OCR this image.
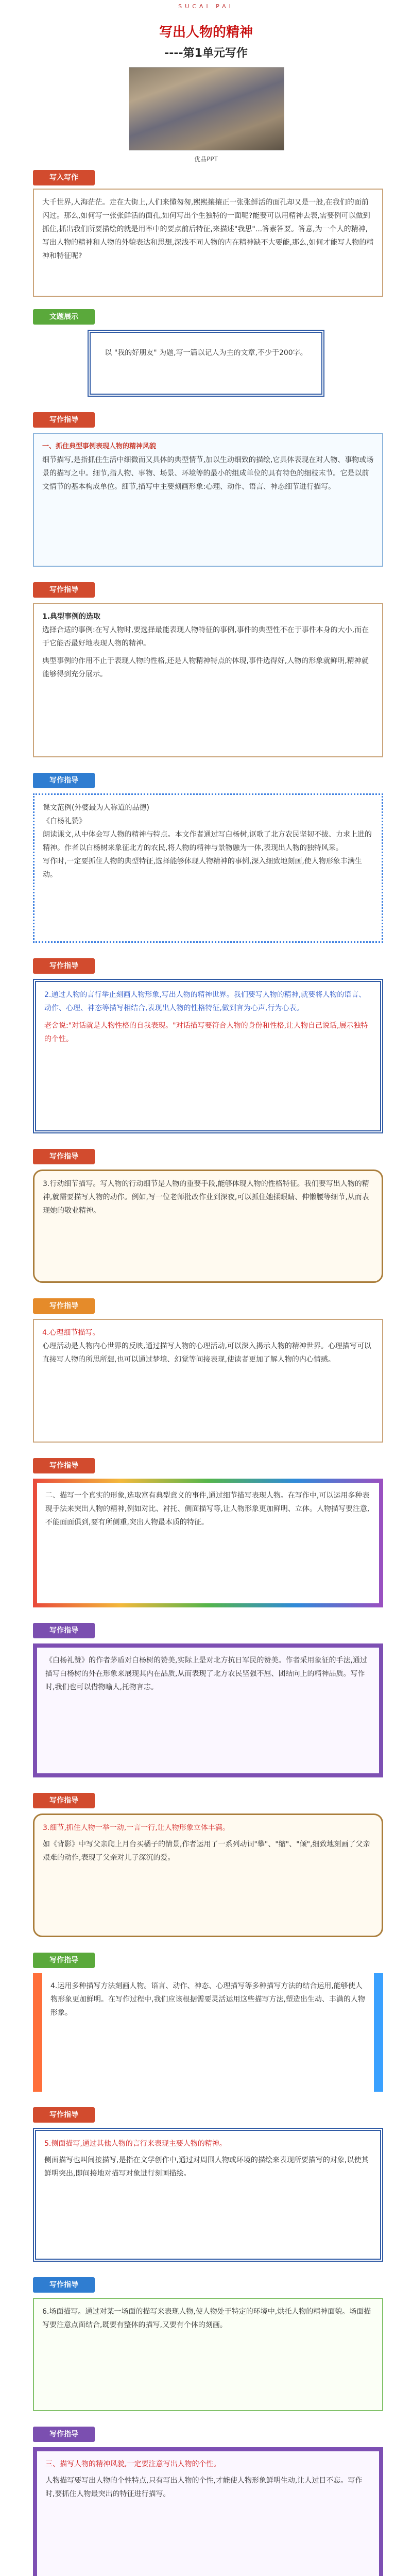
SUCAI PAI
写出人物的精神
----第1单元写作
优品PPT
写入写作
大千世界,人海茫茫。走在大街上,人们来懂匆匆,熙熙攘攘正一张张鲜活的面孔却又是一般,在我们的面前闪过。那么,如何写一张张鲜活的面孔,如何写出个生独特的一面呢?能要可以用精神去表,需要例可以做到抓住,抓出我们所要描绘的就是用率中的要点前后特征,来描述"我思"...答素答要。答意,为一个人的精神,写出人物的精神和人物的外貌表达和思想,深浅不同人物的内在精神缺不大要能,那么,如何才能写人物的精神和特征呢?
文题展示
以 "我的好朋友" 为题,写一篇以记人为主的文章,不少于200字。
写作指导
一、抓住典型事例表现人物的精神风貌
细节描写,是指抓住生活中细微而又具体的典型情节,加以生动细致的描绘,它具体表现在对人物、事物或场景的描写之中。细节,指人物、事物、场景、环境等的最小的组成单位的具有特色的细枝末节。它是以前文情节的基本构成单位。细节,描写中主要刻画形象:心理、动作、语言、神态细节进行描写。
写作指导
1.典型事例的选取
选择合适的事例:在写人物时,要选择最能表现人物特征的事例,事件的典型性不在于事件本身的大小,而在于它能否最好地表现人物的精神。
典型事例的作用不止于表现人物的性格,还是人物精神特点的体现,事件选得好,人物的形象就鲜明,精神就能够得到充分展示。
写作指导
课文范例(外婆最为人称道的品德)
《白杨礼赞》
朗读课文,从中体会写人物的精神与特点。本文作者通过写白杨树,讴歌了北方农民坚韧不拔、力求上进的精神。作者以白杨树来象征北方的农民,将人物的精神与景物融为一体,表现出人物的独特风采。
写作时,一定要抓住人物的典型特征,选择能够体现人物精神的事例,深入细致地刻画,使人物形象丰满生动。
写作指导
2.通过人物的言行举止刻画人物形象,写出人物的精神世界。我们要写人物的精神,就要将人物的语言、动作、心理、神态等描写相结合,表现出人物的性格特征,做到言为心声,行为心表。
老舍说:"对话就是人物性格的自我表现。"对话描写要符合人物的身份和性格,让人物自己说话,展示独特的个性。
写作指导
3.行动细节描写。写人物的行动细节是人物的重要手段,能够体现人物的性格特征。我们要写出人物的精神,就需要描写人物的动作。例如,写一位老师批改作业到深夜,可以抓住她揉眼睛、伸懒腰等细节,从而表现她的敬业精神。
写作指导
4.心理细节描写。
心理活动是人物内心世界的反映,通过描写人物的心理活动,可以深入揭示人物的精神世界。心理描写可以直接写人物的所思所想,也可以通过梦境、幻觉等间接表现,使读者更加了解人物的内心情感。
写作指导
二、描写一个真实的形象,选取富有典型意义的事件,通过细节描写表现人物。在写作中,可以运用多种表现手法来突出人物的精神,例如对比、衬托、侧面描写等,让人物形象更加鲜明、立体。人物描写要注意,不能面面俱到,要有所侧重,突出人物最本质的特征。
写作指导
《白杨礼赞》的作者茅盾对白杨树的赞美,实际上是对北方抗日军民的赞美。作者采用象征的手法,通过描写白杨树的外在形象来展现其内在品质,从而表现了北方农民坚强不屈、团结向上的精神品质。写作时,我们也可以借物喻人,托物言志。
写作指导
3.细节,抓住人物一举一动,一言一行,让人物形象立体丰满。
如《背影》中写父亲爬上月台买橘子的情景,作者运用了一系列动词"攀"、"缩"、"倾",细致地刻画了父亲艰难的动作,表现了父亲对儿子深沉的爱。
写作指导
4.运用多种描写方法刻画人物。语言、动作、神态、心理描写等多种描写方法的结合运用,能够使人物形象更加鲜明。在写作过程中,我们应该根据需要灵活运用这些描写方法,塑造出生动、丰满的人物形象。
写作指导
5.侧面描写,通过其他人物的言行来表现主要人物的精神。
侧面描写也叫间接描写,是指在文学创作中,通过对周围人物或环境的描绘来表现所要描写的对象,以使其鲜明突出,即间接地对描写对象进行刻画描绘。
写作指导
6.场面描写。通过对某一场面的描写来表现人物,使人物处于特定的环境中,烘托人物的精神面貌。场面描写要注意点面结合,既要有整体的描写,又要有个体的刻画。
写作指导
三、描写人物的精神风貌,一定要注意写出人物的个性。
人物描写要写出人物的个性特点,只有写出人物的个性,才能使人物形象鲜明生动,让人过目不忘。写作时,要抓住人物最突出的特征进行描写。
